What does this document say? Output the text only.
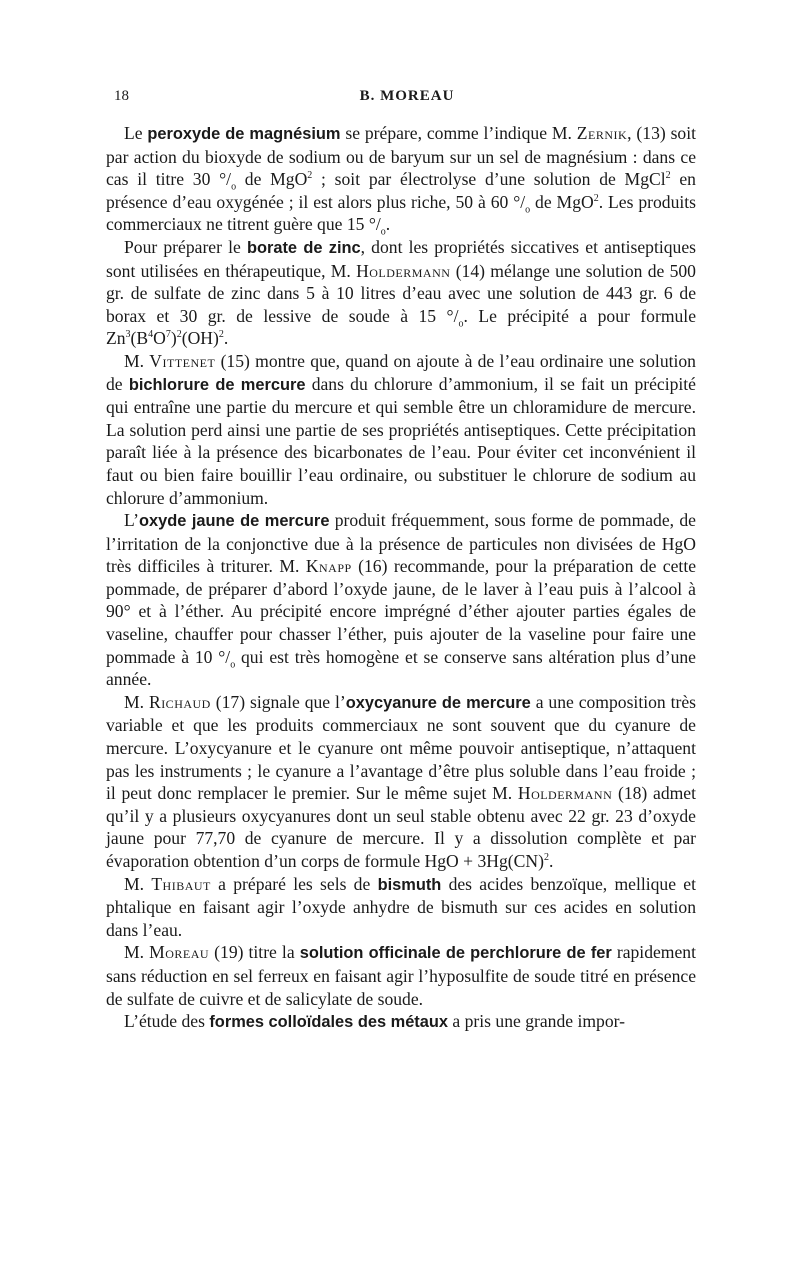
18	B. MOREAU

Le peroxyde de magnésium se prépare, comme l’indique M. Zernik, (13) soit par action du bioxyde de sodium ou de baryum sur un sel de magnésium : dans ce cas il titre 30 $^\circ/_o$ de MgO$^2$ ; soit par électrolyse d’une solution de MgCl$^2$ en présence d’eau oxygénée ; il est alors plus riche, 50 à 60 $^\circ/_o$ de MgO$^2$. Les produits commerciaux ne titrent guère que 15 $^\circ/_o$.

Pour préparer le borate de zinc, dont les propriétés siccatives et antiseptiques sont utilisées en thérapeutique, M. Holdermann (14) mélange une solution de 500 gr. de sulfate de zinc dans 5 à 10 litres d’eau avec une solution de 443 gr. 6 de borax et 30 gr. de lessive de soude à 15 $^\circ/_o$. Le précipité a pour formule $Zn^3(B^4O^7)^2(OH)^2$.

M. Vittenet (15) montre que, quand on ajoute à de l’eau ordinaire une solution de bichlorure de mercure dans du chlorure d’ammonium, il se fait un précipité qui entraîne une partie du mercure et qui semble être un chloramidure de mercure. La solution perd ainsi une partie de ses propriétés antiseptiques. Cette précipitation paraît liée à la présence des bicarbonates de l’eau. Pour éviter cet inconvénient il faut ou bien faire bouillir l’eau ordinaire, ou substituer le chlorure de sodium au chlorure d’ammonium.

L’oxyde jaune de mercure produit fréquemment, sous forme de pommade, de l’irritation de la conjonctive due à la présence de particules non divisées de HgO très difficiles à triturer. M. Knapp (16) recommande, pour la préparation de cette pommade, de préparer d’abord l’oxyde jaune, de le laver à l’eau puis à l’alcool à 90° et à l’éther. Au précipité encore imprégné d’éther ajouter parties égales de vaseline, chauffer pour chasser l’éther, puis ajouter de la vaseline pour faire une pommade à 10 $^\circ/_o$ qui est très homogène et se conserve sans altération plus d’une année.

M. Richaud (17) signale que l’oxycyanure de mercure a une composition très variable et que les produits commerciaux ne sont souvent que du cyanure de mercure. L’oxycyanure et le cyanure ont même pouvoir antiseptique, n’attaquent pas les instruments ; le cyanure a l’avantage d’être plus soluble dans l’eau froide ; il peut donc remplacer le premier. Sur le même sujet M. Holdermann (18) admet qu’il y a plusieurs oxycyanures dont un seul stable obtenu avec 22 gr. 23 d’oxyde jaune pour 77,70 de cyanure de mercure. Il y a dissolution complète et par évaporation obtention d’un corps de formule HgO + 3Hg(CN)$^2$.

M. Thibaut a préparé les sels de bismuth des acides benzoïque, mellique et phtalique en faisant agir l’oxyde anhydre de bismuth sur ces acides en solution dans l’eau.

M. Moreau (19) titre la solution officinale de perchlorure de fer rapidement sans réduction en sel ferreux en faisant agir l’hyposulfite de soude titré en présence de sulfate de cuivre et de salicylate de soude.

L’étude des formes colloïdales des métaux a pris une grande impor-
